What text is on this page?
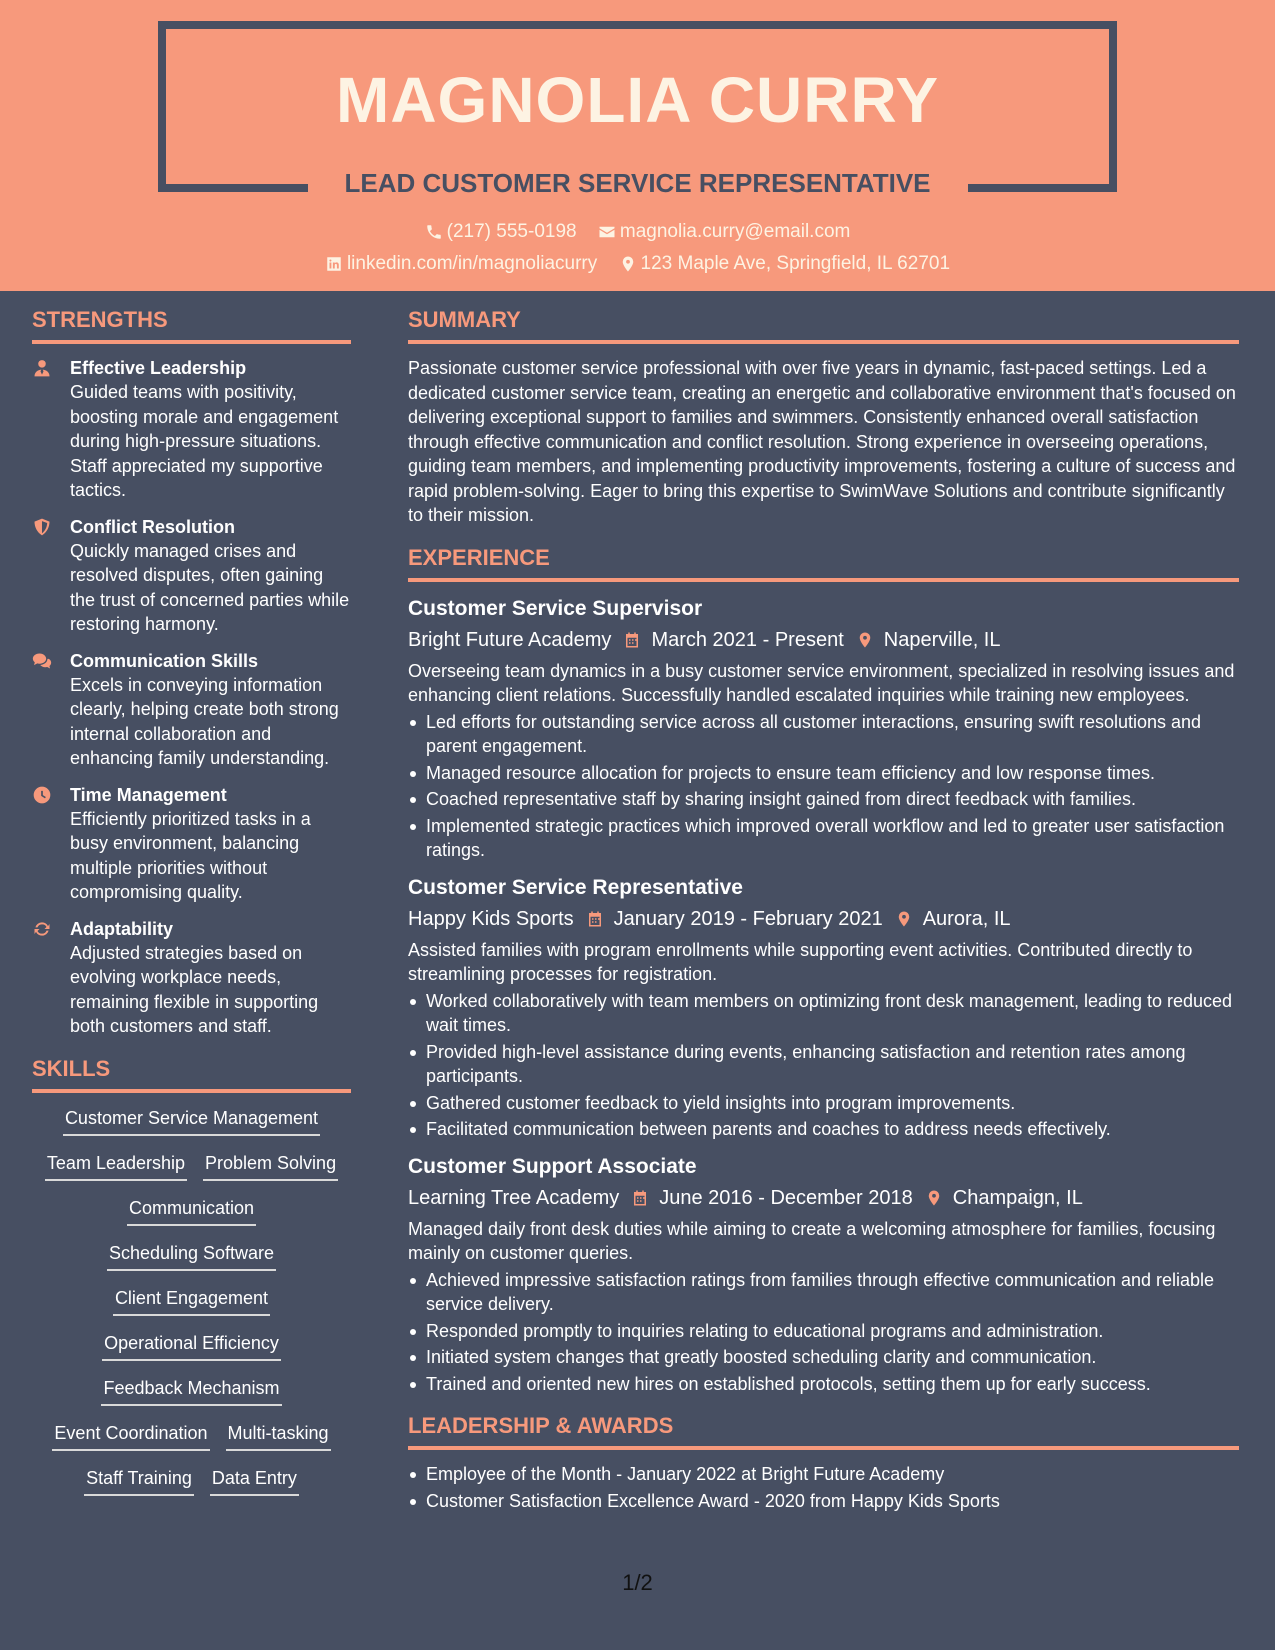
MAGNOLIA CURRY
LEAD CUSTOMER SERVICE REPRESENTATIVE
(217) 555-0198
magnolia.curry@email.com
linkedin.com/in/magnoliacurry
123 Maple Ave, Springfield, IL 62701
STRENGTHS
Effective Leadership
Guided teams with positivity, boosting morale and engagement during high-pressure situations. Staff appreciated my supportive tactics.
Conflict Resolution
Quickly managed crises and resolved disputes, often gaining the trust of concerned parties while restoring harmony.
Communication Skills
Excels in conveying information clearly, helping create both strong internal collaboration and enhancing family understanding.
Time Management
Efficiently prioritized tasks in a busy environment, balancing multiple priorities without compromising quality.
Adaptability
Adjusted strategies based on evolving workplace needs, remaining flexible in supporting both customers and staff.
SKILLS
Customer Service Management
Team Leadership Problem Solving
Communication
Scheduling Software
Client Engagement
Operational Efficiency
Feedback Mechanism
Event Coordination Multi-tasking
Staff Training Data Entry
SUMMARY
Passionate customer service professional with over five years in dynamic, fast-paced settings. Led a dedicated customer service team, creating an energetic and collaborative environment that's focused on delivering exceptional support to families and swimmers. Consistently enhanced overall satisfaction through effective communication and conflict resolution. Strong experience in overseeing operations, guiding team members, and implementing productivity improvements, fostering a culture of success and rapid problem-solving. Eager to bring this expertise to SwimWave Solutions and contribute significantly to their mission.
EXPERIENCE
Customer Service Supervisor
Bright Future Academy March 2021 - Present Naperville, IL
Overseeing team dynamics in a busy customer service environment, specialized in resolving issues and enhancing client relations. Successfully handled escalated inquiries while training new employees.
Led efforts for outstanding service across all customer interactions, ensuring swift resolutions and parent engagement.
Managed resource allocation for projects to ensure team efficiency and low response times.
Coached representative staff by sharing insight gained from direct feedback with families.
Implemented strategic practices which improved overall workflow and led to greater user satisfaction ratings.
Customer Service Representative
Happy Kids Sports January 2019 - February 2021 Aurora, IL
Assisted families with program enrollments while supporting event activities. Contributed directly to streamlining processes for registration.
Worked collaboratively with team members on optimizing front desk management, leading to reduced wait times.
Provided high-level assistance during events, enhancing satisfaction and retention rates among participants.
Gathered customer feedback to yield insights into program improvements.
Facilitated communication between parents and coaches to address needs effectively.
Customer Support Associate
Learning Tree Academy June 2016 - December 2018 Champaign, IL
Managed daily front desk duties while aiming to create a welcoming atmosphere for families, focusing mainly on customer queries.
Achieved impressive satisfaction ratings from families through effective communication and reliable service delivery.
Responded promptly to inquiries relating to educational programs and administration.
Initiated system changes that greatly boosted scheduling clarity and communication.
Trained and oriented new hires on established protocols, setting them up for early success.
LEADERSHIP & AWARDS
Employee of the Month - January 2022 at Bright Future Academy
Customer Satisfaction Excellence Award - 2020 from Happy Kids Sports
1/2
